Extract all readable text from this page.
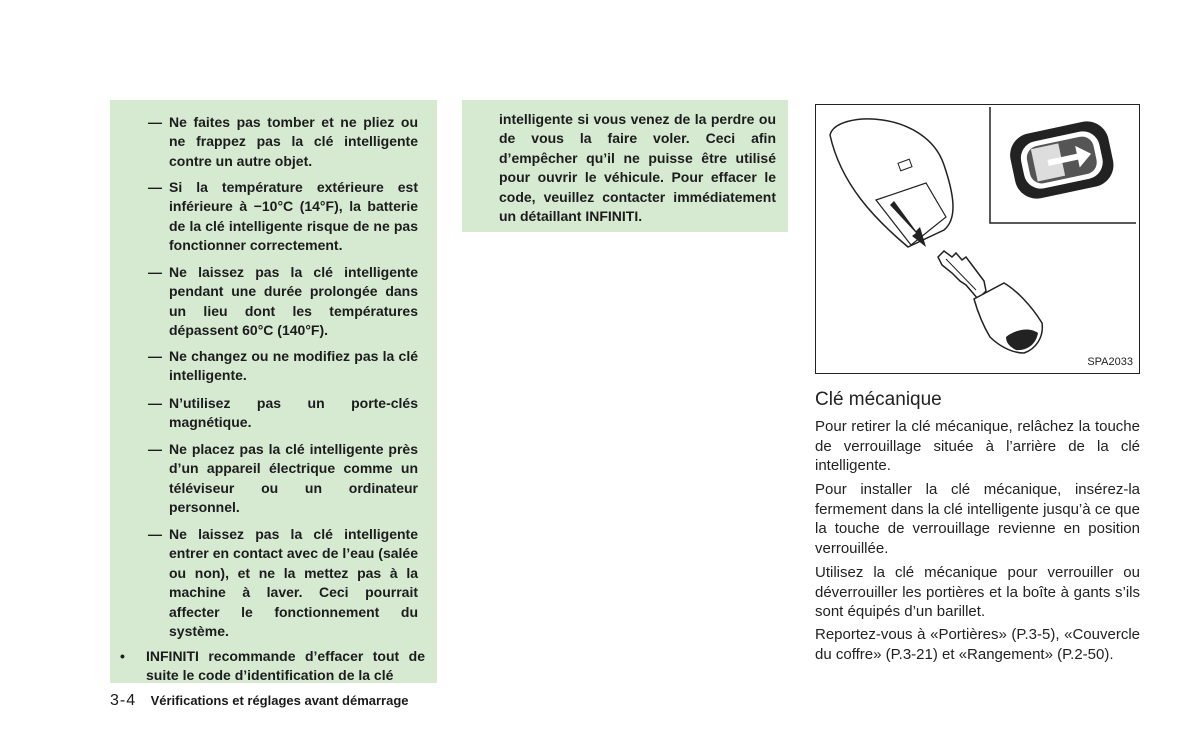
— Ne faites pas tomber et ne pliez ou ne frappez pas la clé intelligente contre un autre objet.
— Si la température extérieure est inférieure à −10°C (14°F), la batterie de la clé intelligente risque de ne pas fonctionner correctement.
— Ne laissez pas la clé intelligente pendant une durée prolongée dans un lieu dont les températures dépassent 60°C (140°F).
— Ne changez ou ne modifiez pas la clé intelligente.
— N’utilisez pas un porte-clés magnétique.
— Ne placez pas la clé intelligente près d’un appareil électrique comme un téléviseur ou un ordinateur personnel.
— Ne laissez pas la clé intelligente entrer en contact avec de l’eau (salée ou non), et ne la mettez pas à la machine à laver. Ceci pourrait affecter le fonctionnement du système.
• INFINITI recommande d’effacer tout de suite le code d’identification de la clé
intelligente si vous venez de la perdre ou de vous la faire voler. Ceci afin d’empêcher qu’il ne puisse être utilisé pour ouvrir le véhicule. Pour effacer le code, veuillez contacter immédiatement un détaillant INFINITI.
3-4 Vérifications et réglages avant démarrage
SPA2033
Clé mécanique
Pour retirer la clé mécanique, relâchez la touche de verrouillage située à l’arrière de la clé intelligente.
Pour installer la clé mécanique, insérez-la fermement dans la clé intelligente jusqu’à ce que la touche de verrouillage revienne en position verrouillée.
Utilisez la clé mécanique pour verrouiller ou déverrouiller les portières et la boîte à gants s’ils sont équipés d’un barillet.
Reportez-vous à «Portières» (P.3-5), «Couvercle du coffre» (P.3-21) et «Rangement» (P.2-50).
